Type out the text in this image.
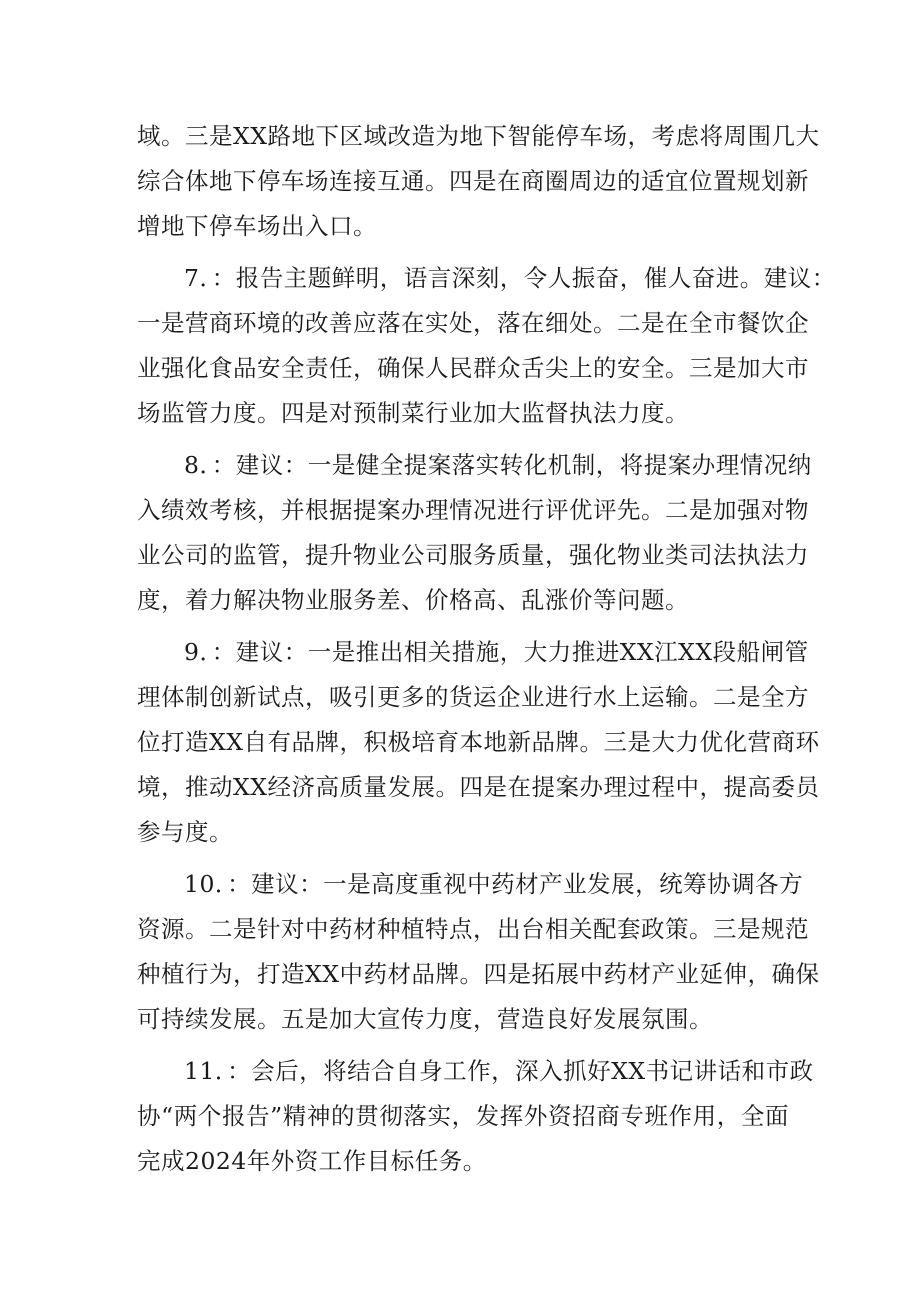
域。三是XX路地下区域改造为地下智能停车场，考虑将周围几大
综合体地下停车场连接互通。四是在商圈周边的适宜位置规划新
增地下停车场出入口。
7．：报告主题鲜明，语言深刻，令人振奋，催人奋进。建议：
一是营商环境的改善应落在实处，落在细处。二是在全市餐饮企
业强化食品安全责任，确保人民群众舌尖上的安全。三是加大市
场监管力度。四是对预制菜行业加大监督执法力度。
8．：建议：一是健全提案落实转化机制，将提案办理情况纳
入绩效考核，并根据提案办理情况进行评优评先。二是加强对物
业公司的监管，提升物业公司服务质量，强化物业类司法执法力
度，着力解决物业服务差、价格高、乱涨价等问题。
9．：建议：一是推出相关措施，大力推进XX江XX段船闸管
理体制创新试点，吸引更多的货运企业进行水上运输。二是全方
位打造XX自有品牌，积极培育本地新品牌。三是大力优化营商环
境，推动XX经济高质量发展。四是在提案办理过程中，提高委员
参与度。
10．：建议：一是高度重视中药材产业发展，统筹协调各方
资源。二是针对中药材种植特点，出台相关配套政策。三是规范
种植行为，打造XX中药材品牌。四是拓展中药材产业延伸，确保
可持续发展。五是加大宣传力度，营造良好发展氛围。
11．：会后，将结合自身工作，深入抓好XX书记讲话和市政
协“两个报告”精神的贯彻落实，发挥外资招商专班作用，全面
完成2024年外资工作目标任务。
